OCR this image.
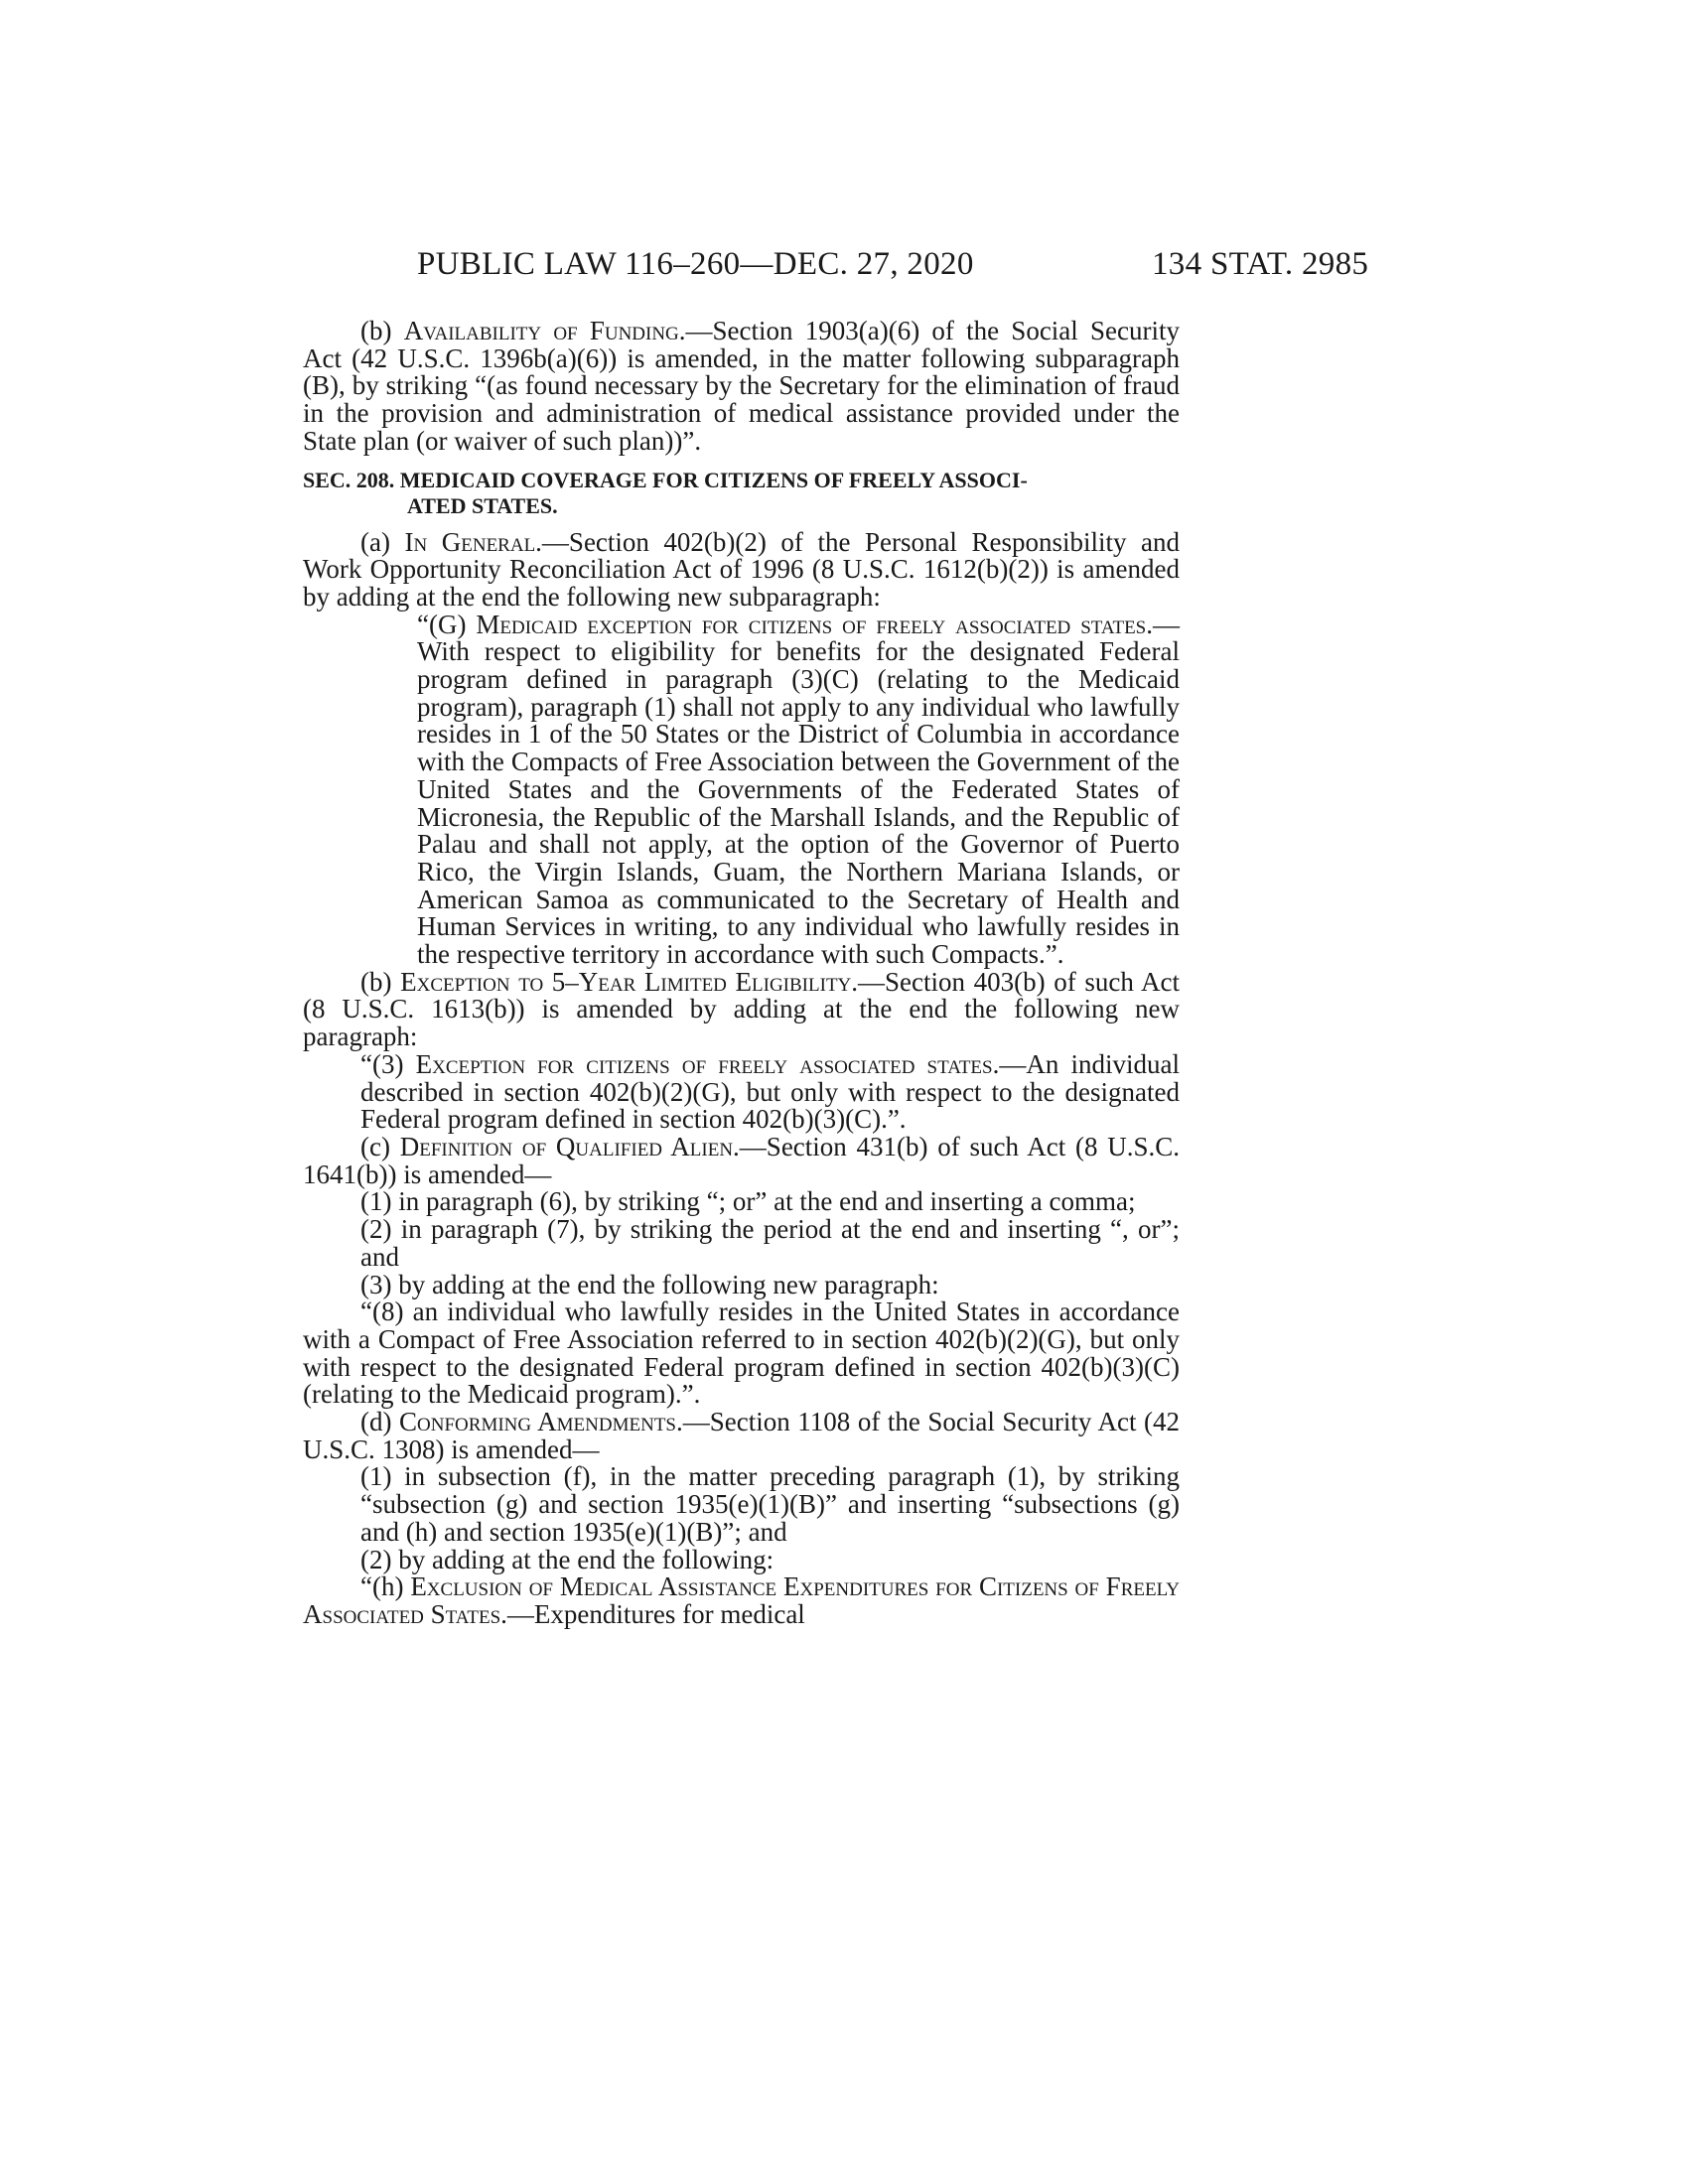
PUBLIC LAW 116–260—DEC. 27, 2020	134 STAT. 2985

(b) Availability of Funding.—Section 1903(a)(6) of the Social Security Act (42 U.S.C. 1396b(a)(6)) is amended, in the matter following subparagraph (B), by striking “(as found necessary by the Secretary for the elimination of fraud in the provision and administration of medical assistance provided under the State plan (or waiver of such plan))”.

SEC. 208. MEDICAID COVERAGE FOR CITIZENS OF FREELY ASSOCI-
ATED STATES.

(a) In General.—Section 402(b)(2) of the Personal Responsibility and Work Opportunity Reconciliation Act of 1996 (8 U.S.C. 1612(b)(2)) is amended by adding at the end the following new subparagraph:

“(G) Medicaid exception for citizens of freely associated states.—With respect to eligibility for benefits for the designated Federal program defined in paragraph (3)(C) (relating to the Medicaid program), paragraph (1) shall not apply to any individual who lawfully resides in 1 of the 50 States or the District of Columbia in accordance with the Compacts of Free Association between the Government of the United States and the Governments of the Federated States of Micronesia, the Republic of the Marshall Islands, and the Republic of Palau and shall not apply, at the option of the Governor of Puerto Rico, the Virgin Islands, Guam, the Northern Mariana Islands, or American Samoa as communicated to the Secretary of Health and Human Services in writing, to any individual who lawfully resides in the respective territory in accordance with such Compacts.”.

(b) Exception to 5–Year Limited Eligibility.—Section 403(b) of such Act (8 U.S.C. 1613(b)) is amended by adding at the end the following new paragraph:

“(3) Exception for citizens of freely associated states.—An individual described in section 402(b)(2)(G), but only with respect to the designated Federal program defined in section 402(b)(3)(C).”.

(c) Definition of Qualified Alien.—Section 431(b) of such Act (8 U.S.C. 1641(b)) is amended—

(1) in paragraph (6), by striking “; or” at the end and inserting a comma;

(2) in paragraph (7), by striking the period at the end and inserting “, or”; and

(3) by adding at the end the following new paragraph:

“(8) an individual who lawfully resides in the United States in accordance with a Compact of Free Association referred to in section 402(b)(2)(G), but only with respect to the designated Federal program defined in section 402(b)(3)(C) (relating to the Medicaid program).”.

(d) Conforming Amendments.—Section 1108 of the Social Security Act (42 U.S.C. 1308) is amended—

(1) in subsection (f), in the matter preceding paragraph (1), by striking “subsection (g) and section 1935(e)(1)(B)” and inserting “subsections (g) and (h) and section 1935(e)(1)(B)”; and

(2) by adding at the end the following:

“(h) Exclusion of Medical Assistance Expenditures for Citizens of Freely Associated States.—Expenditures for medical
